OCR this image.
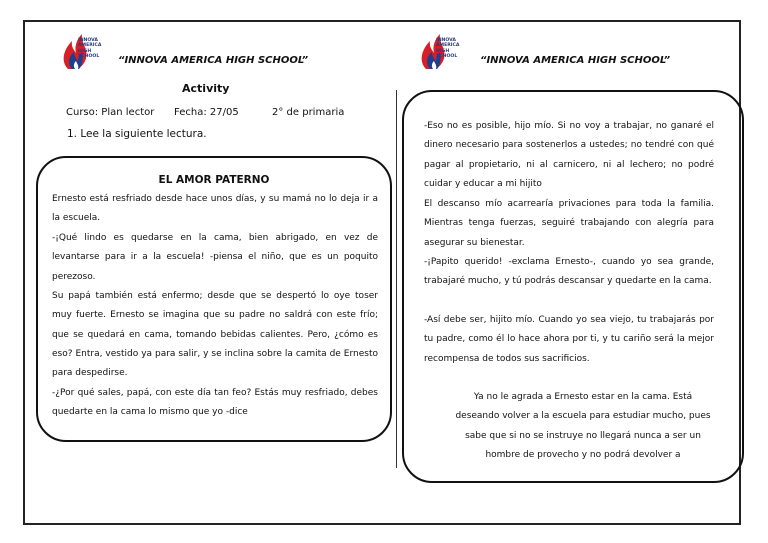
INNOVA
AMERICA
HIGH
SCHOOL “INNOVA AMERICA HIGH SCHOOL”
Activity
Curso: Plan lector Fecha: 27/05	2° de primaria
1. Lee la siguiente lectura.
EL AMOR PATERNO
Ernesto está resfriado desde hace unos días, y su mamá no lo deja ir a la escuela.
-¡Qué lindo es quedarse en la cama, bien abrigado, en vez de levantarse para ir a la escuela! -piensa el niño, que es un poquito perezoso.
Su papá también está enfermo; desde que se despertó lo oye toser muy fuerte. Ernesto se imagina que su padre no saldrá con este frío; que se quedará en cama, tomando bebidas calientes. Pero, ¿cómo es eso? Entra, vestido ya para salir, y se inclina sobre la camita de Ernesto para despedirse.
-¿Por qué sales, papá, con este día tan feo? Estás muy resfriado, debes quedarte en la cama lo mismo que yo -dice
INNOVA
AMERICA
HIGH
SCHOOL “INNOVA AMERICA HIGH SCHOOL”
-Eso no es posible, hijo mío. Si no voy a trabajar, no ganaré el dinero necesario para sostenerlos a ustedes; no tendré con qué pagar al propietario, ni al carnicero, ni al lechero; no podré cuidar y educar a mi hijito
El descanso mío acarrearía privaciones para toda la familia. Mientras tenga fuerzas, seguiré trabajando con alegría para asegurar su bienestar.
-¡Papito querido! -exclama Ernesto-, cuando yo sea grande, trabajaré mucho, y tú podrás descansar y quedarte en la cama.
-Así debe ser, hijito mío. Cuando yo sea viejo, tu trabajarás por tu padre, como él lo hace ahora por ti, y tu cariño será la mejor recompensa de todos sus sacrificios.
Ya no le agrada a Ernesto estar en la cama. Está deseando volver a la escuela para estudiar mucho, pues sabe que si no se instruye no llegará nunca a ser un hombre de provecho y no podrá devolver a
